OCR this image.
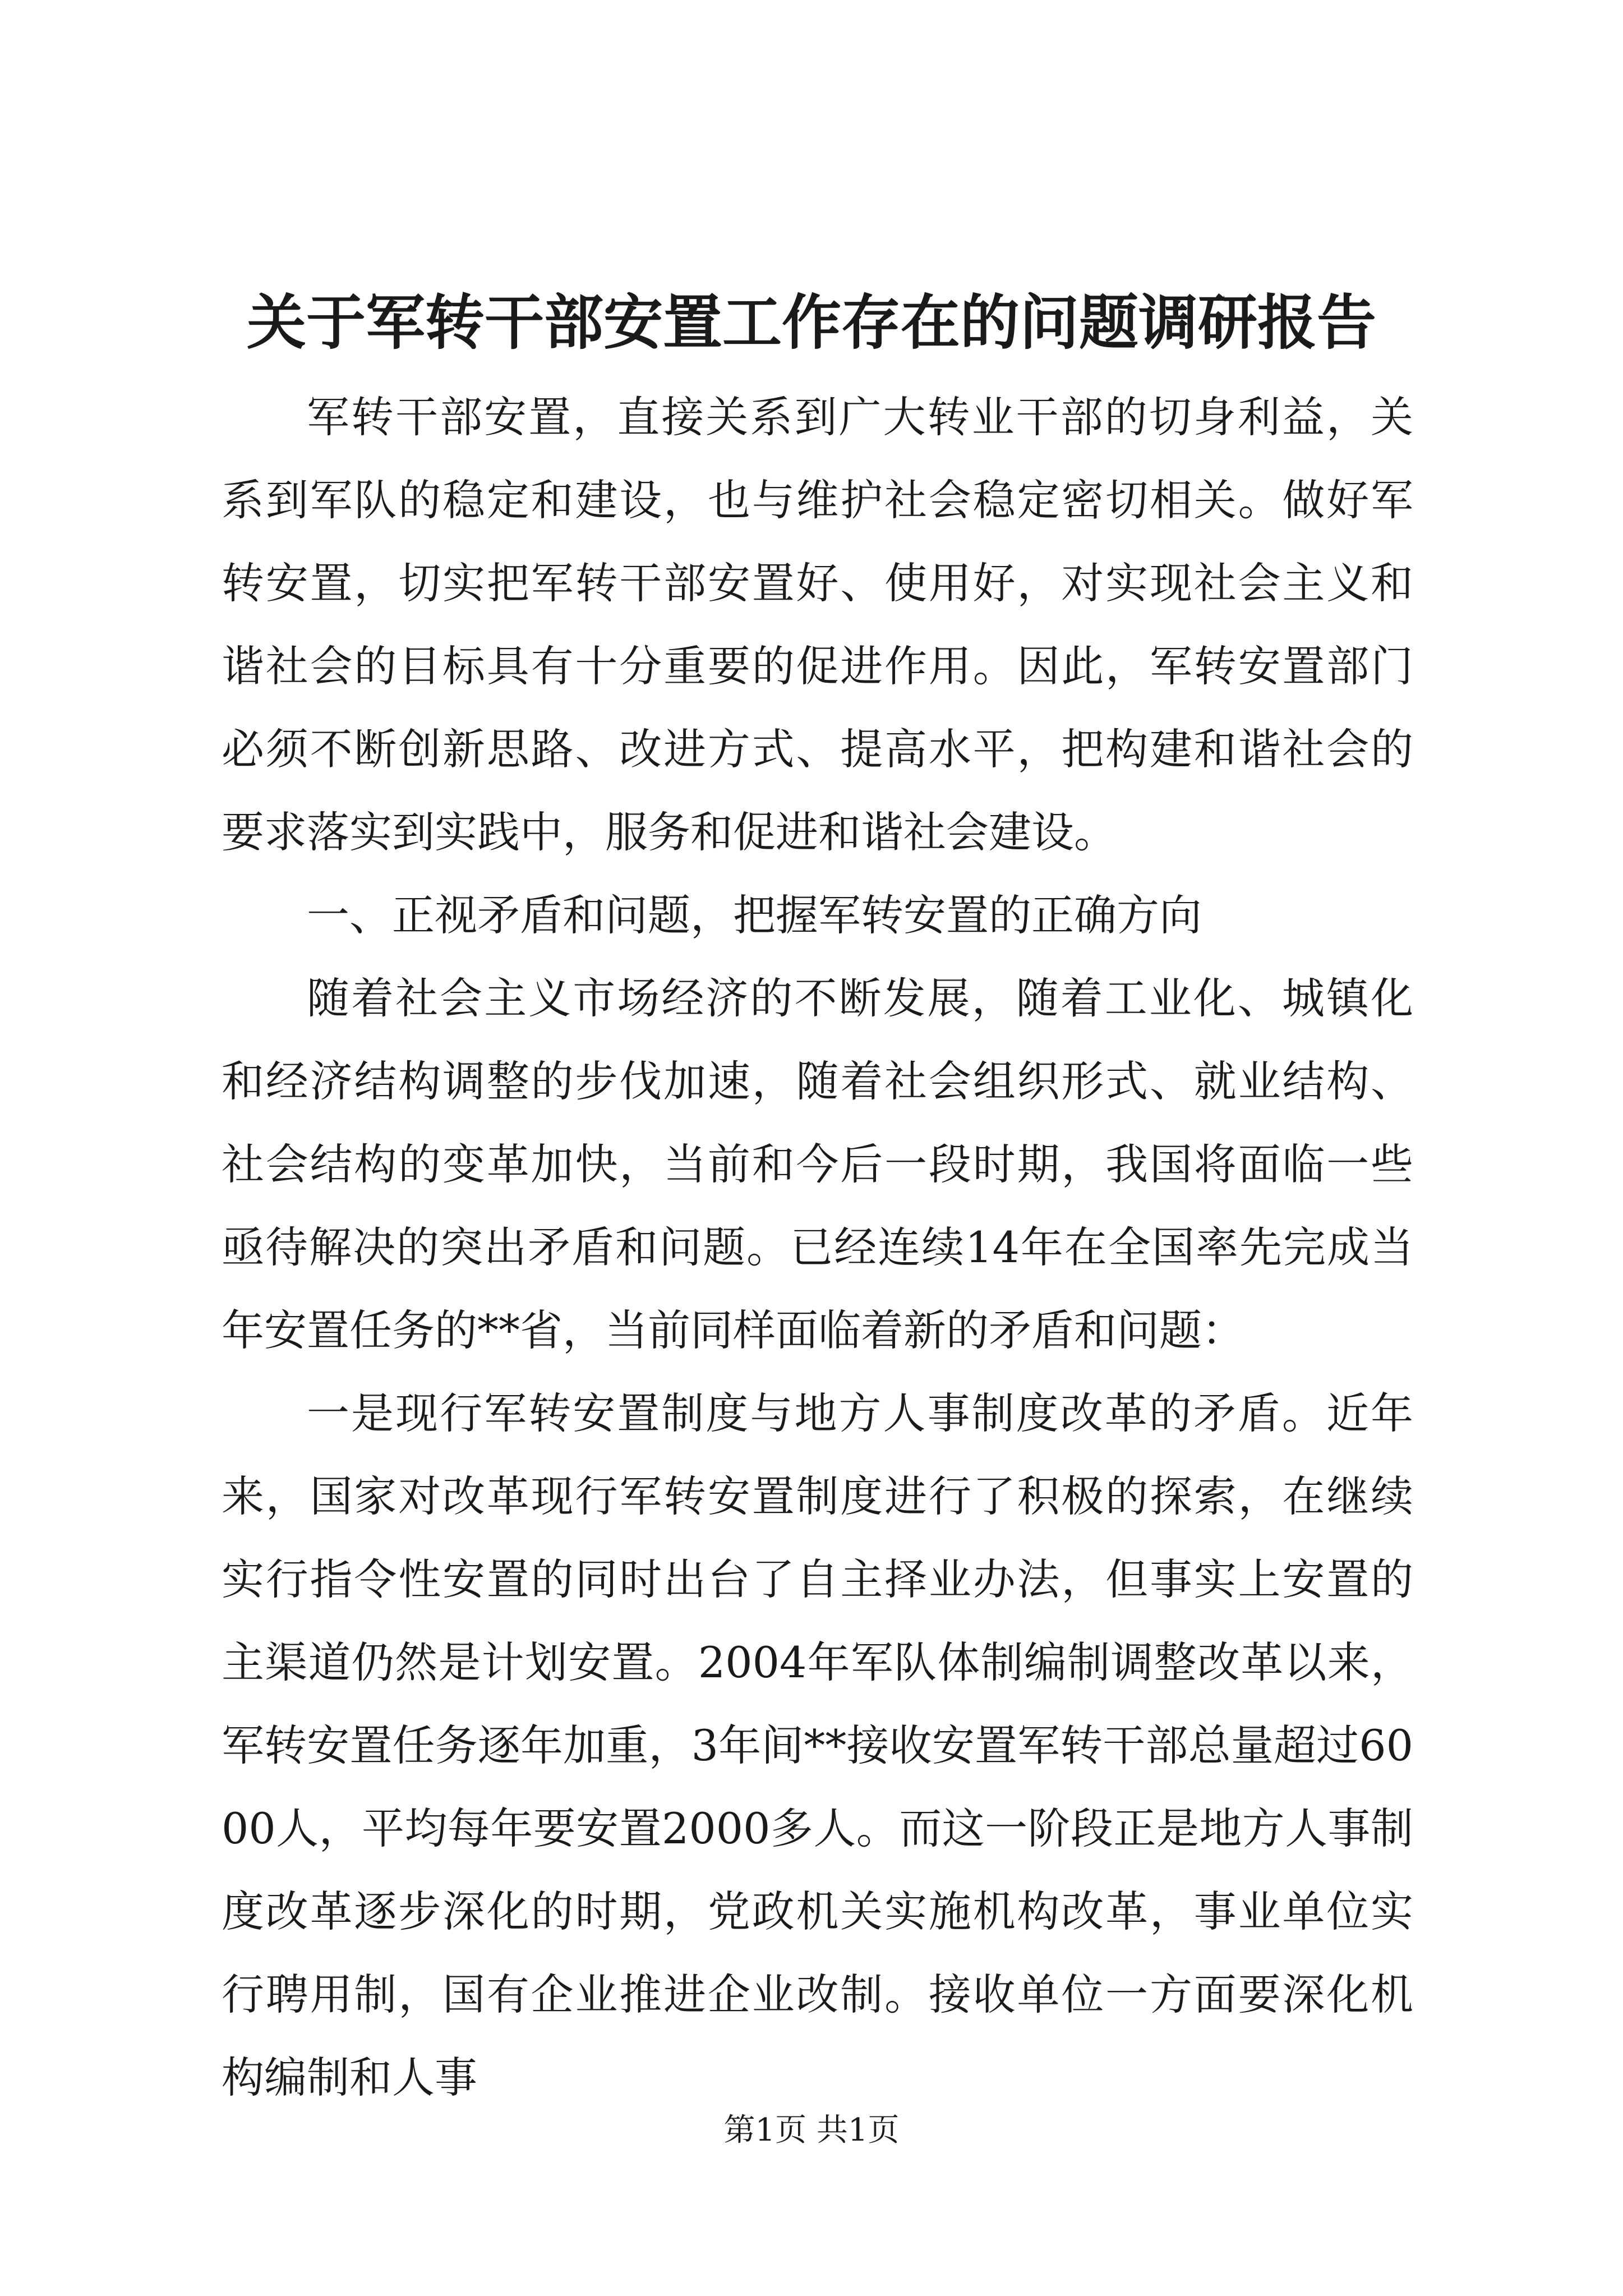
关于军转干部安置工作存在的问题调研报告

军转干部安置，直接关系到广大转业干部的切身利益，关系到军队的稳定和建设，也与维护社会稳定密切相关。做好军转安置，切实把军转干部安置好、使用好，对实现社会主义和谐社会的目标具有十分重要的促进作用。因此，军转安置部门必须不断创新思路、改进方式、提高水平，把构建和谐社会的要求落实到实践中，服务和促进和谐社会建设。

一、正视矛盾和问题，把握军转安置的正确方向

随着社会主义市场经济的不断发展，随着工业化、城镇化和经济结构调整的步伐加速，随着社会组织形式、就业结构、社会结构的变革加快，当前和今后一段时期，我国将面临一些亟待解决的突出矛盾和问题。已经连续14年在全国率先完成当年安置任务的**省，当前同样面临着新的矛盾和问题：

一是现行军转安置制度与地方人事制度改革的矛盾。近年来，国家对改革现行军转安置制度进行了积极的探索，在继续实行指令性安置的同时出台了自主择业办法，但事实上安置的主渠道仍然是计划安置。2004年军队体制编制调整改革以来，军转安置任务逐年加重，3年间**接收安置军转干部总量超过6000人，平均每年要安置2000多人。而这一阶段正是地方人事制度改革逐步深化的时期，党政机关实施机构改革，事业单位实行聘用制，国有企业推进企业改制。接收单位一方面要深化机构编制和人事

第1页 共1页
